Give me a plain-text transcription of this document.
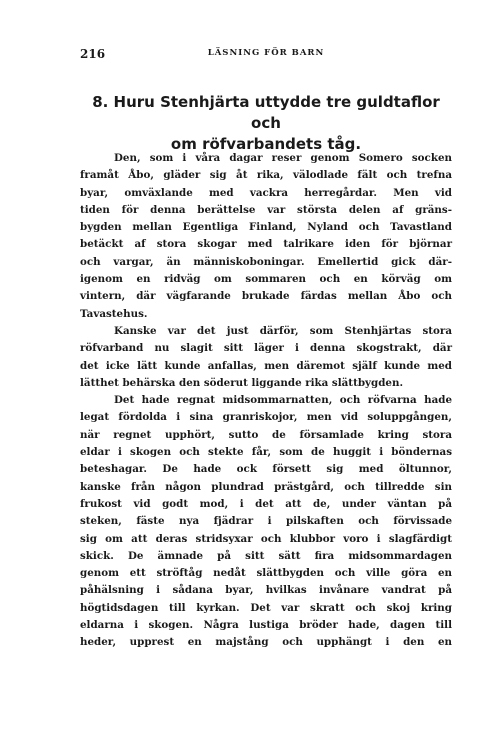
216	LÄSNING FÖR BARN
8. Huru Stenhjärta uttydde tre guldtaflor och
om röfvarbandets tåg.
Den, som i våra dagar reser genom Somero socken
framåt Åbo, gläder sig åt rika, välodlade fält och trefna
byar, omväxlande med vackra herregårdar. Men vid
tiden för denna berättelse var största delen af gräns-
bygden mellan Egentliga Finland, Nyland och Tavastland
betäckt af stora skogar med talrikare iden för björnar
och vargar, än människoboningar. Emellertid gick där-
igenom en ridväg om sommaren och en körväg om
vintern, där vägfarande brukade färdas mellan Åbo och
Tavastehus.
Kanske var det just därför, som Stenhjärtas stora
röfvarband nu slagit sitt läger i denna skogstrakt, där
det icke lätt kunde anfallas, men däremot själf kunde med
lätthet behärska den söderut liggande rika slättbygden.
Det hade regnat midsommarnatten, och röfvarna hade
legat fördolda i sina granriskojor, men vid soluppgången,
när regnet upphört, sutto de församlade kring stora
eldar i skogen och stekte får, som de huggit i böndernas
beteshagar. De hade ock försett sig med öltunnor,
kanske från någon plundrad prästgård, och tillredde sin
frukost vid godt mod, i det att de, under väntan på
steken, fäste nya fjädrar i pilskaften och förvissade
sig om att deras stridsyxar och klubbor voro i slagfärdigt
skick. De ämnade på sitt sätt fira midsommardagen
genom ett ströftåg nedåt slättbygden och ville göra en
påhälsning i sådana byar, hvilkas invånare vandrat på
högtidsdagen till kyrkan. Det var skratt och skoj kring
eldarna i skogen. Några lustiga bröder hade, dagen till
heder, upprest en majstång och upphängt i den en
